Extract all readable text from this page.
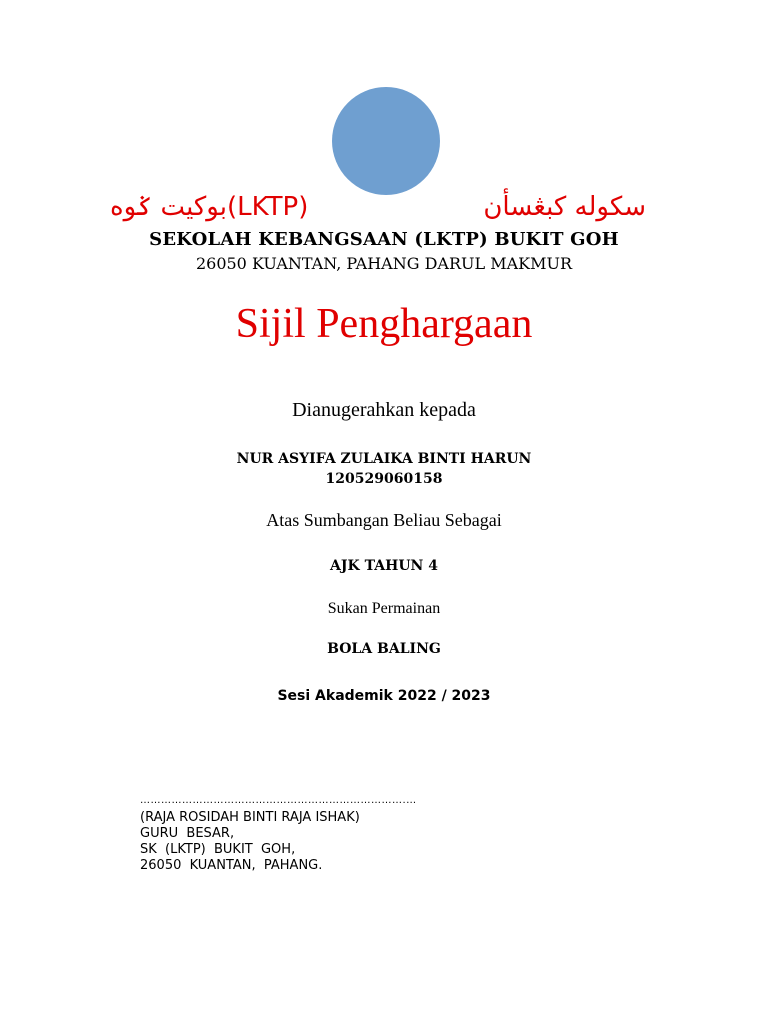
سکوله کبڠسأن
(LKTP)بوکيت ݢوه
SEKOLAH KEBANGSAAN (LKTP) BUKIT GOH
26050 KUANTAN, PAHANG DARUL MAKMUR
Sijil Penghargaan
Dianugerahkan kepada
NUR ASYIFA ZULAIKA BINTI HARUN
120529060158
Atas Sumbangan Beliau Sebagai
AJK TAHUN 4
Sukan Permainan
BOLA BALING
Sesi Akademik 2022 / 2023
………………………………………………………………….…
(RAJA ROSIDAH BINTI RAJA ISHAK)
GURU  BESAR,
SK  (LKTP)  BUKIT  GOH,
26050  KUANTAN,  PAHANG.
